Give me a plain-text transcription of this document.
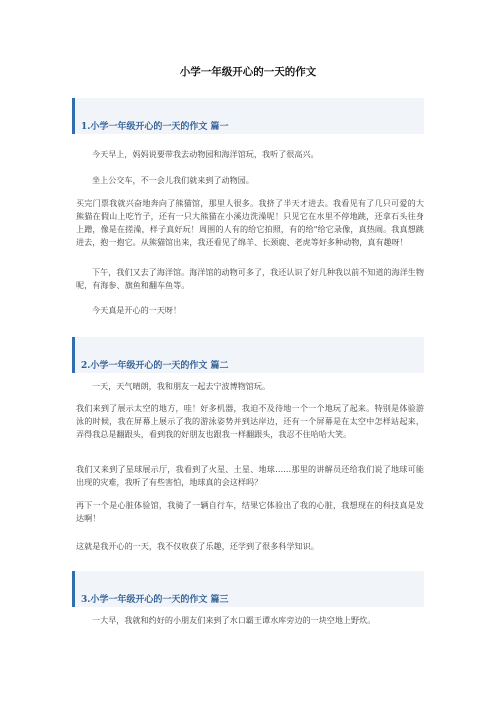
小学一年级开心的一天的作文
1.小学一年级开心的一天的作文 篇一

今天早上，妈妈说要带我去动物园和海洋馆玩，我听了很高兴。

坐上公交车，不一会儿我们就来到了动物园。

买完门票我就兴奋地奔向了熊猫馆，那里人很多。我挤了半天才进去。我看见有了几只可爱的大熊猫在假山上吃竹子，还有一只大熊猫在小溪边洗澡呢！只见它在水里不停地跳，还拿石头往身上蹭，像是在搓澡，样子真好玩！周围的人有的给它拍照，有的给"给它录像，真热闹。我真想跳进去，抱一抱它。从熊猫馆出来，我还看见了绵羊、长颈鹿、老虎等好多种动物，真有趣呀！

下午，我们又去了海洋馆。海洋馆的动物可多了，我还认识了好几种我以前不知道的海洋生物呢，有海参、旗鱼和翻车鱼等。

今天真是开心的一天呀！

2.小学一年级开心的一天的作文 篇二

一天，天气晴朗，我和朋友一起去宁波博物馆玩。

我们来到了展示太空的地方，哇！好多机器，我迫不及待地一个一个地玩了起来。特别是体验游泳的时候，我在屏幕上展示了我的游泳姿势并到达岸边，还有一个屏幕是在太空中怎样站起来，弄得我总是翻跟头，看到我的好朋友也跟我一样翻跟头，我忍不住哈哈大笑。

我们又来到了星球展示厅，我看到了火星、土星、地球……那里的讲解员还给我们说了地球可能出现的灾难，我听了有些害怕，地球真的会这样吗？

再下一个是心脏体验馆，我骑了一辆自行车，结果它体验出了我的心脏，我想现在的科技真是发达啊！

这就是我开心的一天，我不仅收获了乐趣，还学到了很多科学知识。

3.小学一年级开心的一天的作文 篇三

一大早，我就和约好的小朋友们来到了水口霸王谭水库旁边的一块空地上野炊。
